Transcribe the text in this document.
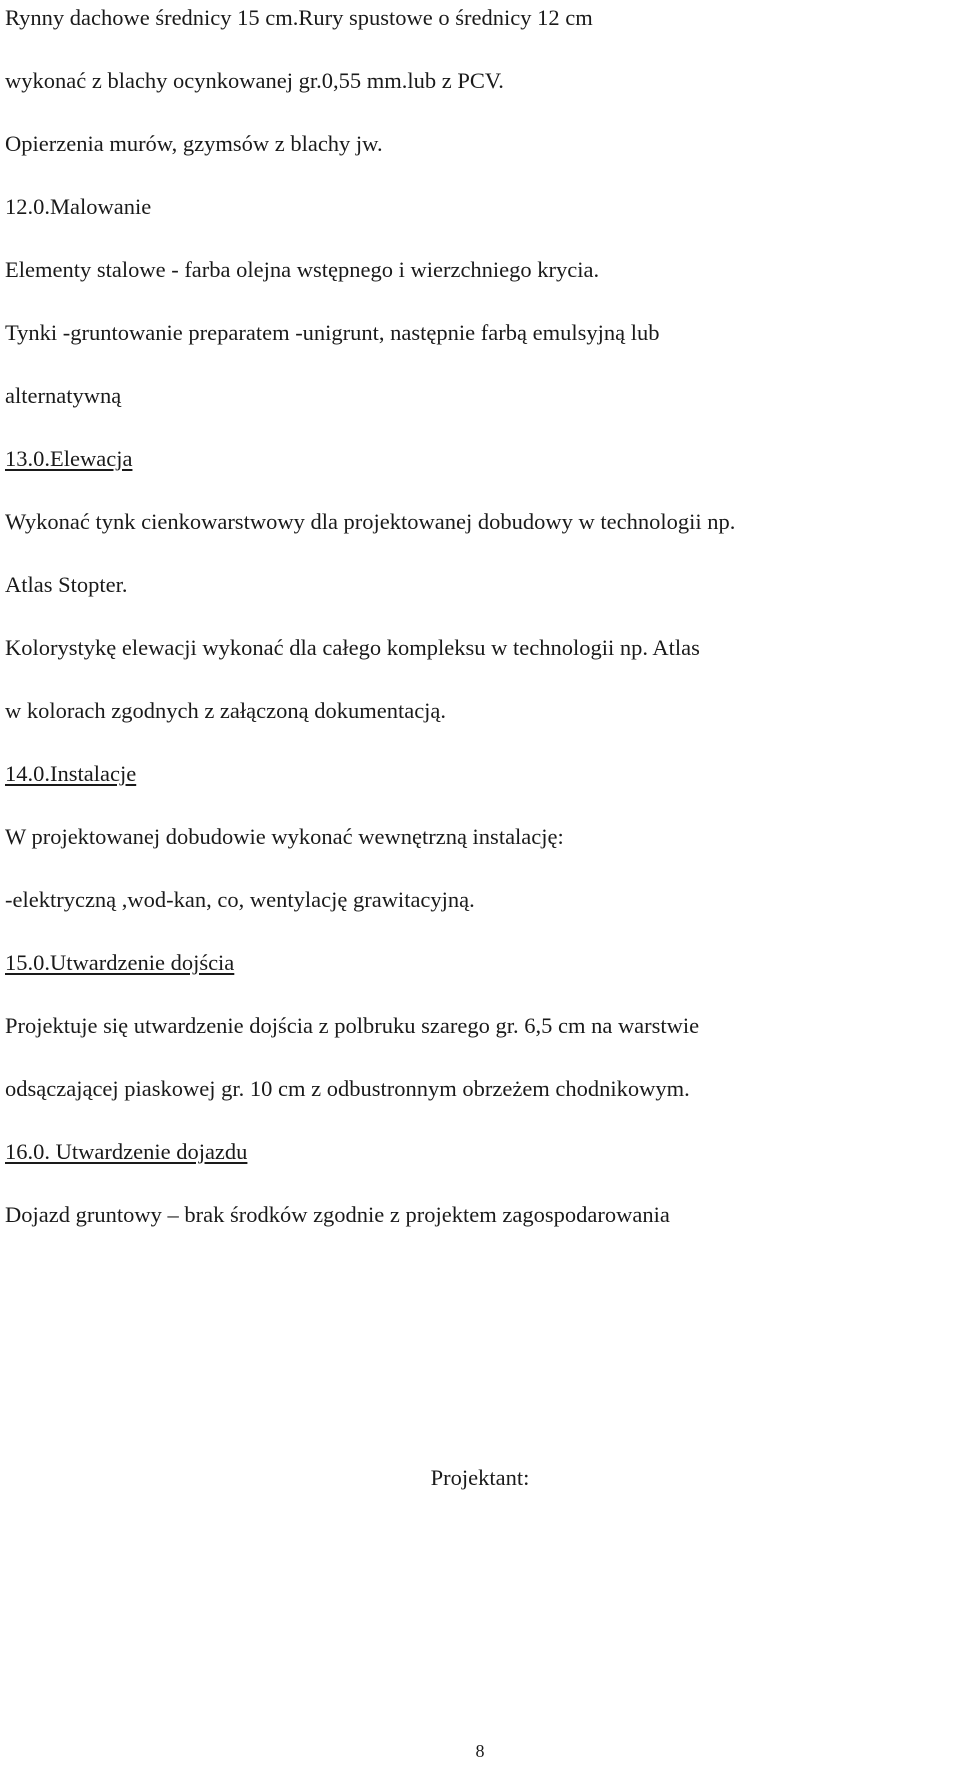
Rynny dachowe średnicy 15 cm.Rury spustowe o średnicy 12 cm
wykonać z blachy ocynkowanej gr.0,55 mm.lub z PCV.
Opierzenia murów, gzymsów z blachy jw.
12.0.Malowanie
Elementy stalowe - farba olejna wstępnego i wierzchniego krycia.
Tynki -gruntowanie preparatem -unigrunt, następnie farbą emulsyjną lub
alternatywną
13.0.Elewacja
Wykonać tynk cienkowarstwowy dla projektowanej dobudowy w technologii np.
Atlas Stopter.
Kolorystykę elewacji wykonać dla całego kompleksu w technologii np. Atlas
w kolorach zgodnych z załączoną dokumentacją.
14.0.Instalacje
W projektowanej dobudowie wykonać wewnętrzną instalację:
-elektryczną ,wod-kan, co, wentylację grawitacyjną.
15.0.Utwardzenie dojścia
Projektuje się utwardzenie dojścia z polbruku szarego gr. 6,5 cm na warstwie
odsączającej piaskowej gr. 10 cm z odbustronnym obrzeżem chodnikowym.
16.0. Utwardzenie dojazdu
Dojazd gruntowy – brak środków zgodnie z projektem zagospodarowania
Projektant:
8
